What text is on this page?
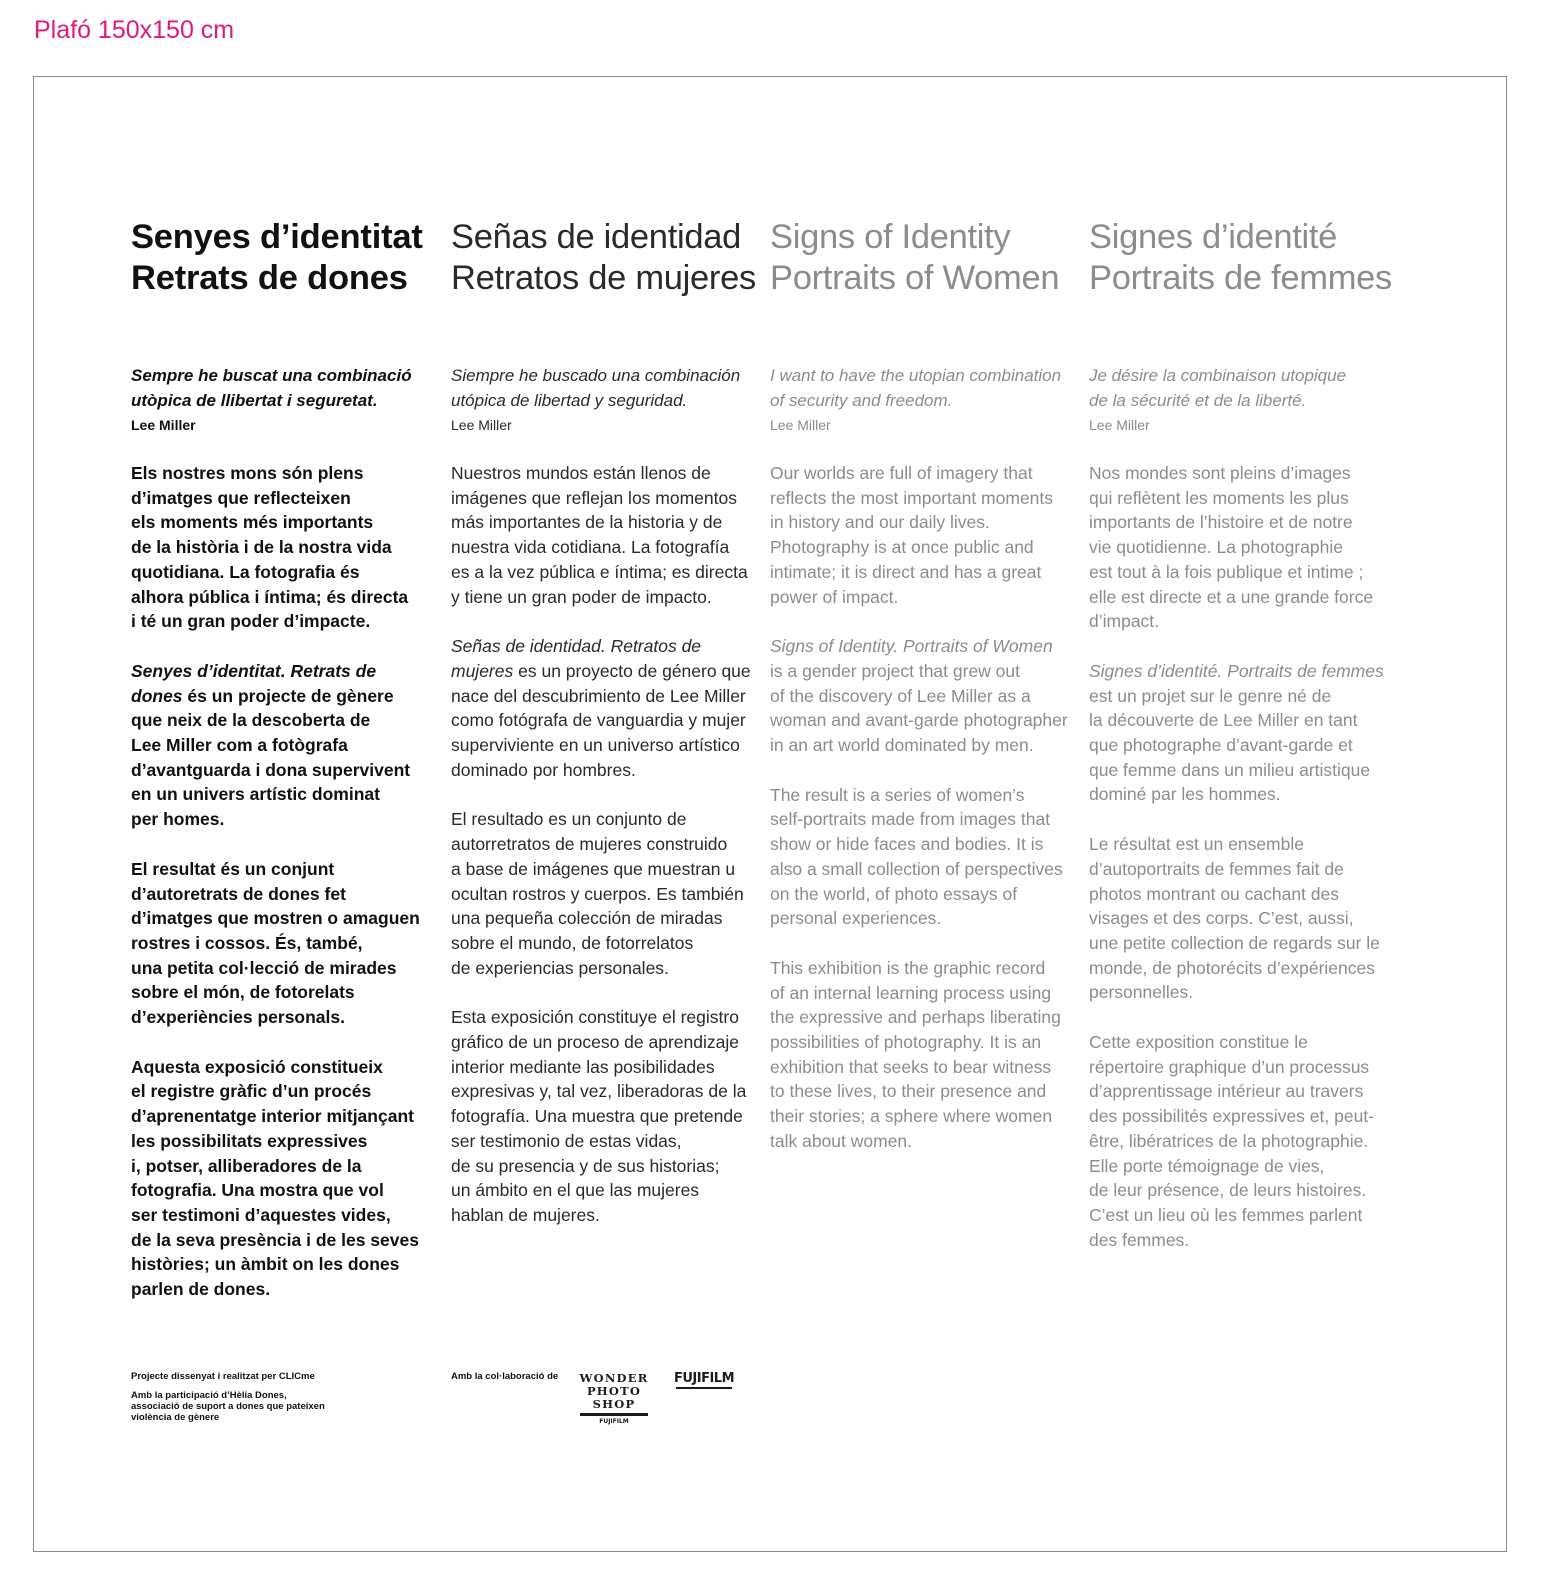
Plafó 150x150 cm
Senyes d’identitat
Retrats de dones

Sempre he buscat una combinació
utòpica de llibertat i seguretat.

Lee Miller

Els nostres mons són plens
d’imatges que reflecteixen
els moments més importants
de la història i de la nostra vida
quotidiana. La fotografia és
alhora pública i íntima; és directa
i té un gran poder d’impacte.

Senyes d’identitat. Retrats de
dones és un projecte de gènere
que neix de la descoberta de
Lee Miller com a fotògrafa
d’avantguarda i dona supervivent
en un univers artístic dominat
per homes.

El resultat és un conjunt
d’autoretrats de dones fet
d’imatges que mostren o amaguen
rostres i cossos. És, també,
una petita col·lecció de mirades
sobre el món, de fotorelats
d’experiències personals.

Aquesta exposició constitueix
el registre gràfic d’un procés
d’aprenentatge interior mitjançant
les possibilitats expressives
i, potser, alliberadores de la
fotografia. Una mostra que vol
ser testimoni d’aquestes vides,
de la seva presència i de les seves
històries; un àmbit on les dones
parlen de dones.

Señas de identidad
Retratos de mujeres

Siempre he buscado una combinación
utópica de libertad y seguridad.

Lee Miller

Nuestros mundos están llenos de
imágenes que reflejan los momentos
más importantes de la historia y de
nuestra vida cotidiana. La fotografía
es a la vez pública e íntima; es directa
y tiene un gran poder de impacto.

Señas de identidad. Retratos de
mujeres es un proyecto de género que
nace del descubrimiento de Lee Miller
como fotógrafa de vanguardia y mujer
superviviente en un universo artístico
dominado por hombres.

El resultado es un conjunto de
autorretratos de mujeres construido
a base de imágenes que muestran u
ocultan rostros y cuerpos. Es también
una pequeña colección de miradas
sobre el mundo, de fotorrelatos
de experiencias personales.

Esta exposición constituye el registro
gráfico de un proceso de aprendizaje
interior mediante las posibilidades
expresivas y, tal vez, liberadoras de la
fotografía. Una muestra que pretende
ser testimonio de estas vidas,
de su presencia y de sus historias;
un ámbito en el que las mujeres
hablan de mujeres.

Signs of Identity
Portraits of Women

I want to have the utopian combination
of security and freedom.

Lee Miller

Our worlds are full of imagery that
reflects the most important moments
in history and our daily lives.
Photography is at once public and
intimate; it is direct and has a great
power of impact.

Signs of Identity. Portraits of Women
is a gender project that grew out
of the discovery of Lee Miller as a
woman and avant-garde photographer
in an art world dominated by men.

The result is a series of women’s
self-portraits made from images that
show or hide faces and bodies. It is
also a small collection of perspectives
on the world, of photo essays of
personal experiences.

This exhibition is the graphic record
of an internal learning process using
the expressive and perhaps liberating
possibilities of photography. It is an
exhibition that seeks to bear witness
to these lives, to their presence and
their stories; a sphere where women
talk about women.

Signes d’identité
Portraits de femmes

Je désire la combinaison utopique
de la sécurité et de la liberté.

Lee Miller

Nos mondes sont pleins d’images
qui reflètent les moments les plus
importants de l’histoire et de notre
vie quotidienne. La photographie
est tout à la fois publique et intime ;
elle est directe et a une grande force
d’impact.

Signes d’identité. Portraits de femmes
est un projet sur le genre né de
la découverte de Lee Miller en tant
que photographe d’avant-garde et
que femme dans un milieu artistique
dominé par les hommes.

Le résultat est un ensemble
d’autoportraits de femmes fait de
photos montrant ou cachant des
visages et des corps. C’est, aussi,
une petite collection de regards sur le
monde, de photorécits d’expériences
personnelles.

Cette exposition constitue le
répertoire graphique d’un processus
d’apprentissage intérieur au travers
des possibilités expressives et, peut-
être, libératrices de la photographie.
Elle porte témoignage de vies,
de leur présence, de leurs histoires.
C’est un lieu où les femmes parlent
des femmes.

Projecte dissenyat i realitzat per CLICme

Amb la participació d’Hèlia Dones,
associació de suport a dones que pateixen
violència de gènere

Amb la col·laboració de WONDER
PHOTO
SHOP
FUJIFILM
FUJIFILM
